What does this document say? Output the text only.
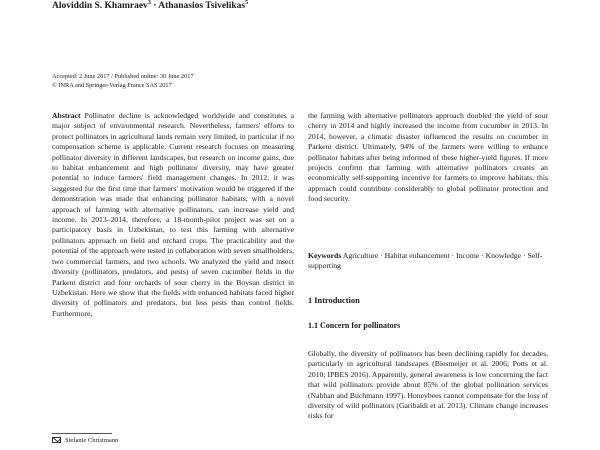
Aloviddin S. Khamraev$^3$ · Athanasios Tsivelikas$^5$
Accepted: 2 June 2017 / Published online: 30 June 2017
© INRA and Springer-Verlag France SAS 2017
Abstract Pollinator decline is acknowledged worldwide and constitutes a major subject of environmental research. Nevertheless, farmers' efforts to protect pollinators in agricultural lands remain very limited, in particular if no compensation scheme is applicable. Current research focuses on measuring pollinator diversity in different landscapes, but research on income gains, due to habitat enhancement and high pollinator diversity, may have greater potential to induce farmers' field management changes. In 2012, it was suggested for the first time that farmers' motivation would be triggered if the demonstration was made that enhancing pollinator habitats, with a novel approach of farming with alternative pollinators, can increase yield and income. In 2013–2014, therefore, a 18-month-pilot project was set on a participatory basis in Uzbekistan, to test this farming with alternative pollinators approach on field and orchard crops. The practicability and the potential of the approach were tested in collaboration with seven smallholders, two commercial farmers, and two schools. We analyzed the yield and insect diversity (pollinators, predators, and pests) of seven cucumber fields in the Parkent district and four orchards of sour cherry in the Boysun district in Uzbekistan. Here we show that the fields with enhanced habitats faced higher diversity of pollinators and predators, but less pests than control fields. Furthermore,
the farming with alternative pollinators approach doubled the yield of sour cherry in 2014 and highly increased the income from cucumber in 2013. In 2014, however, a climatic disaster influenced the results on cucumber in Parkent district. Ultimately, 94% of the farmers were willing to enhance pollinator habitats after being informed of these higher-yield figures. If more projects confirm that farming with alternative pollinators creates an economically self-supporting incentive for farmers to improve habitats, this approach could contribute considerably to global pollinator protection and food security.
Keywords Agriculture · Habitat enhancement · Income · Knowledge · Self-supporting
1 Introduction
1.1 Concern for pollinators
Globally, the diversity of pollinators has been declining rapidly for decades, particularly in agricultural landscapes (Biesmeijer et al. 2006; Potts et al. 2010; IPBES 2016). Apparently, general awareness is low concerning the fact that wild pollinators provide about 85% of the global pollination services (Nabhan and Buchmann 1997). Honeybees cannot compensate for the loss of diversity of wild pollinators (Garibaldi et al. 2013). Climate change increases risks for
Stefanie Christmann
